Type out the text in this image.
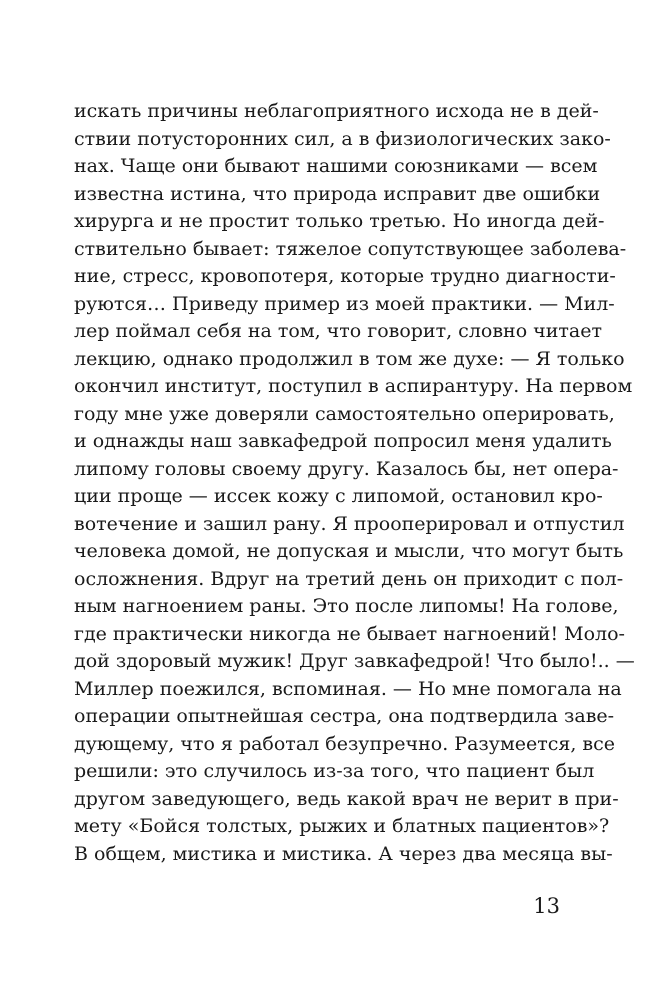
искать причины неблагоприятного исхода не в дей-
ствии потусторонних сил, а в физиологических зако-
нах. Чаще они бывают нашими союзниками — всем
известна истина, что природа исправит две ошибки
хирурга и не простит только третью. Но иногда дей-
ствительно бывает: тяжелое сопутствующее заболева-
ние, стресс, кровопотеря, которые трудно диагности-
руются… Приведу пример из моей практики. — Мил-
лер поймал себя на том, что говорит, словно читает
лекцию, однако продолжил в том же духе: — Я только
окончил институт, поступил в аспирантуру. На первом
году мне уже доверяли самостоятельно оперировать,
и однажды наш завкафедрой попросил меня удалить
липому головы своему другу. Казалось бы, нет опера-
ции проще — иссек кожу с липомой, остановил кро-
вотечение и зашил рану. Я прооперировал и отпустил
человека домой, не допуская и мысли, что могут быть
осложнения. Вдруг на третий день он приходит с пол-
ным нагноением раны. Это после липомы! На голове,
где практически никогда не бывает нагноений! Моло-
дой здоровый мужик! Друг завкафедрой! Что было!.. —
Миллер поежился, вспоминая. — Но мне помогала на
операции опытнейшая сестра, она подтвердила заве-
дующему, что я работал безупречно. Разумеется, все
решили: это случилось из-за того, что пациент был
другом заведующего, ведь какой врач не верит в при-
мету «Бойся толстых, рыжих и блатных пациентов»?
В общем, мистика и мистика. А через два месяца вы-
13
